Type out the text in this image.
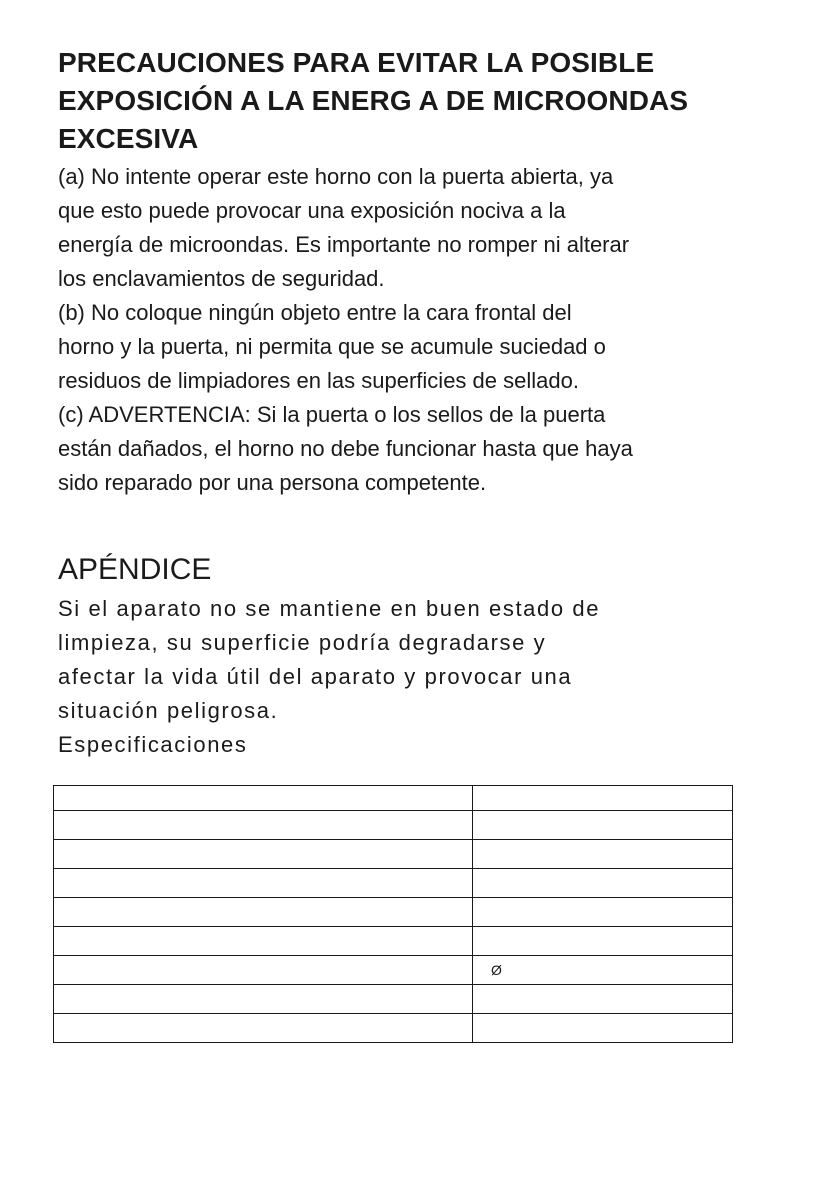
PRECAUCIONES PARA EVITAR LA POSIBLE
EXPOSICIÓN A LA ENERG A DE MICROONDAS
EXCESIVA
(a) No intente operar este horno con la puerta abierta, ya
que esto puede provocar una exposición nociva a la
energía de microondas. Es importante no romper ni alterar
los enclavamientos de seguridad.
(b) No coloque ningún objeto entre la cara frontal del
horno y la puerta, ni permita que se acumule suciedad o
residuos de limpiadores en las superficies de sellado.
(c) ADVERTENCIA: Si la puerta o los sellos de la puerta
están dañados, el horno no debe funcionar hasta que haya
sido reparado por una persona competente.
APÉNDICE
Si el aparato no se mantiene en buen estado de
limpieza, su superficie podría degradarse y
afectar la vida útil del aparato y provocar una
situación peligrosa.
Especificaciones

	Ø
